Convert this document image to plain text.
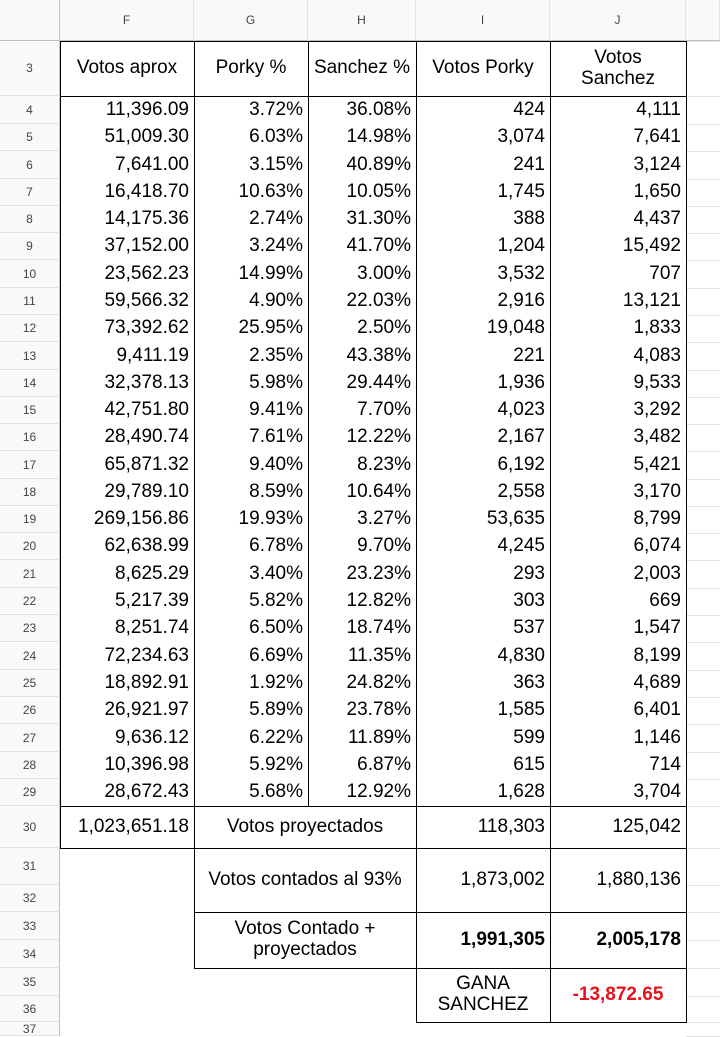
F	G	H	I	J
3
4
5
6
7
8
9
10
11
12
13
14
15
16
17
18
19
20
21
22
23
24
25
26
27
28
29
30
31
32
33
34
35
36
37
Votos aprox	Porky %	Sanchez %	Votos Porky	Votos Sanchez
11,396.09	3.72%	36.08%	424	4,111
51,009.30	6.03%	14.98%	3,074	7,641
7,641.00	3.15%	40.89%	241	3,124
16,418.70	10.63%	10.05%	1,745	1,650
14,175.36	2.74%	31.30%	388	4,437
37,152.00	3.24%	41.70%	1,204	15,492
23,562.23	14.99%	3.00%	3,532	707
59,566.32	4.90%	22.03%	2,916	13,121
73,392.62	25.95%	2.50%	19,048	1,833
9,411.19	2.35%	43.38%	221	4,083
32,378.13	5.98%	29.44%	1,936	9,533
42,751.80	9.41%	7.70%	4,023	3,292
28,490.74	7.61%	12.22%	2,167	3,482
65,871.32	9.40%	8.23%	6,192	5,421
29,789.10	8.59%	10.64%	2,558	3,170
269,156.86	19.93%	3.27%	53,635	8,799
62,638.99	6.78%	9.70%	4,245	6,074
8,625.29	3.40%	23.23%	293	2,003
5,217.39	5.82%	12.82%	303	669
8,251.74	6.50%	18.74%	537	1,547
72,234.63	6.69%	11.35%	4,830	8,199
18,892.91	1.92%	24.82%	363	4,689
26,921.97	5.89%	23.78%	1,585	6,401
9,636.12	6.22%	11.89%	599	1,146
10,396.98	5.92%	6.87%	615	714
28,672.43	5.68%	12.92%	1,628	3,704
1,023,651.18	Votos proyectados	118,303	125,042
Votos contados al 93%	1,873,002	1,880,136
Votos Contado + proyectados	1,991,305	2,005,178
GANA SANCHEZ	-13,872.65
